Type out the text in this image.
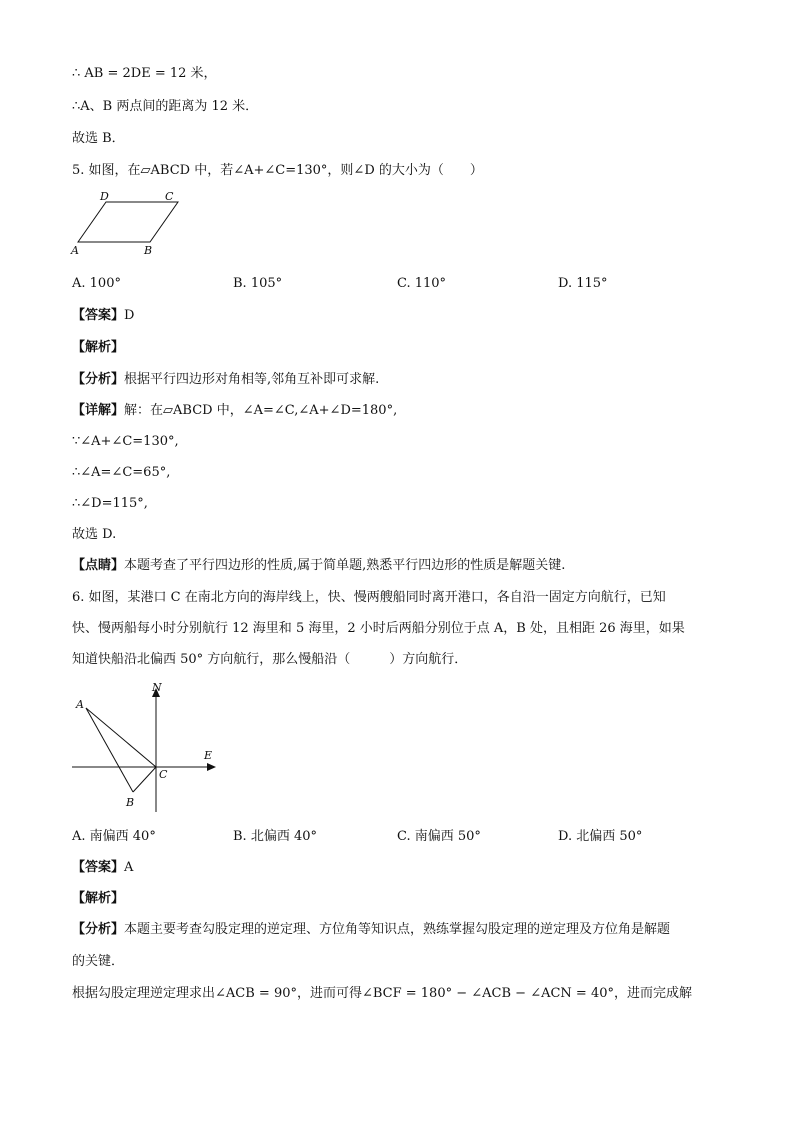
∴ AB = 2DE = 12 米，
∴A、B 两点间的距离为 12 米．
故选 B．
5. 如图，在▱ABCD 中，若∠A+∠C=130°，则∠D 的大小为（　　）
D	C
A	B
A. 100°	B. 105°	C. 110°	D. 115°
【答案】D
【解析】
【分析】根据平行四边形对角相等,邻角互补即可求解.
【详解】解：在▱ABCD 中，∠A=∠C,∠A+∠D=180°,
∵∠A+∠C=130°,
∴∠A=∠C=65°,
∴∠D=115°,
故选 D.
【点睛】本题考查了平行四边形的性质,属于简单题,熟悉平行四边形的性质是解题关键.
6. 如图，某港口 C 在南北方向的海岸线上，快、慢两艘船同时离开港口，各自沿一固定方向航行，已知
快、慢两船每小时分别航行 12 海里和 5 海里，2 小时后两船分别位于点 A，B 处，且相距 26 海里，如果
知道快船沿北偏西 50° 方向航行，那么慢船沿（　　　）方向航行．
N
E
A
B
C
A. 南偏西 40°	B. 北偏西 40°	C. 南偏西 50°	D. 北偏西 50°
【答案】A
【解析】
【分析】本题主要考查勾股定理的逆定理、方位角等知识点，熟练掌握勾股定理的逆定理及方位角是解题
的关键．
根据勾股定理逆定理求出∠ACB = 90°，进而可得∠BCF = 180° − ∠ACB − ∠ACN = 40°，进而完成解
